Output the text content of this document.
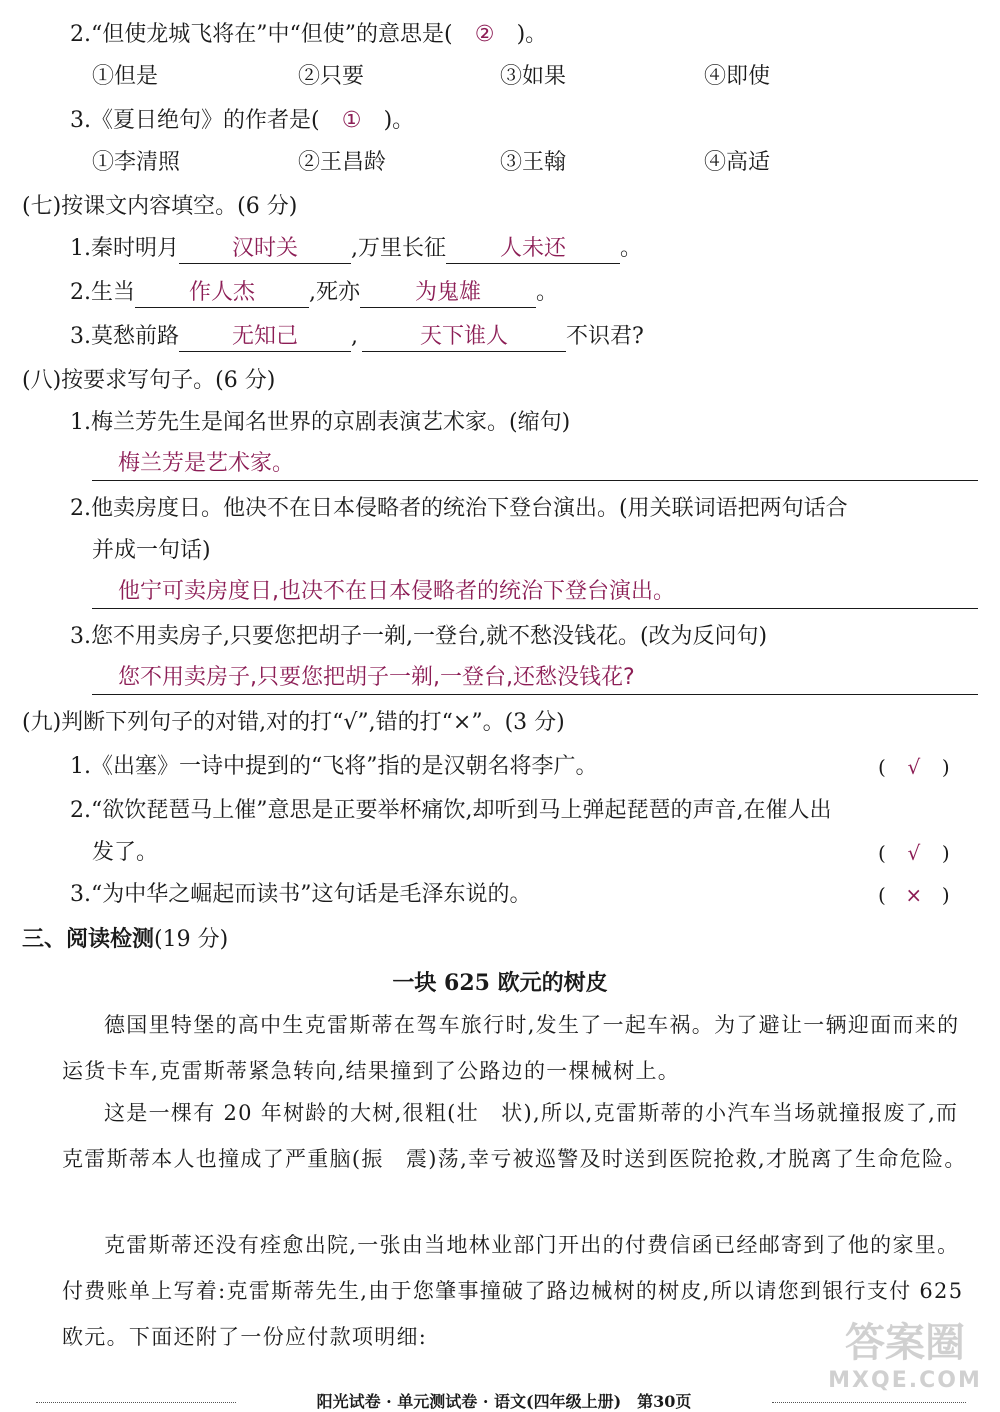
2.“但使龙城飞将在”中“但使”的意思是( ② )。
①但是	②只要	③如果	④即使
3.《夏日绝句》的作者是( ① )。
①李清照	②王昌龄	③王翰	④高适
(七)按课文内容填空。(6 分)
1.秦时明月 汉时关 ,万里长征 人未还 。
2.生当 作人杰 ,死亦 为鬼雄	。
3.莫愁前路 无知己 ,	天下谁人	不识君?
(八)按要求写句子。(6 分)
1.梅兰芳先生是闻名世界的京剧表演艺术家。(缩句)
梅兰芳是艺术家。
2.他卖房度日。他决不在日本侵略者的统治下登台演出。(用关联词语把两句话合
并成一句话)
他宁可卖房度日,也决不在日本侵略者的统治下登台演出。
3.您不用卖房子,只要您把胡子一剃,一登台,就不愁没钱花。(改为反问句)
您不用卖房子,只要您把胡子一剃,一登台,还愁没钱花?
(九)判断下列句子的对错,对的打“√”,错的打“×”。(3 分)
1.《出塞》一诗中提到的“飞将”指的是汉朝名将李广。	( √ )
2.“欲饮琵琶马上催”意思是正要举杯痛饮,却听到马上弹起琵琶的声音,在催人出
发了。	( √ )
3.“为中华之崛起而读书”这句话是毛泽东说的。	( × )
三、阅读检测(19 分)
一块 625 欧元的树皮
德国里特堡的高中生克雷斯蒂在驾车旅行时,发生了一起车祸。为了避让一辆迎面而来的运货卡车,克雷斯蒂紧急转向,结果撞到了公路边的一棵械树上。
这是一棵有 20 年树龄的大树,很粗(壮　状),所以,克雷斯蒂的小汽车当场就撞报废了,而克雷斯蒂本人也撞成了严重脑(振　震)荡,幸亏被巡警及时送到医院抢救,才脱离了生命危险。
克雷斯蒂还没有痊愈出院,一张由当地林业部门开出的付费信函已经邮寄到了他的家里。付费账单上写着:克雷斯蒂先生,由于您肇事撞破了路边械树的树皮,所以请您到银行支付 625 欧元。下面还附了一份应付款项明细:
阳光试卷 · 单元测试卷 · 语文(四年级上册)　第30页
答案圈
MXQE.COM
